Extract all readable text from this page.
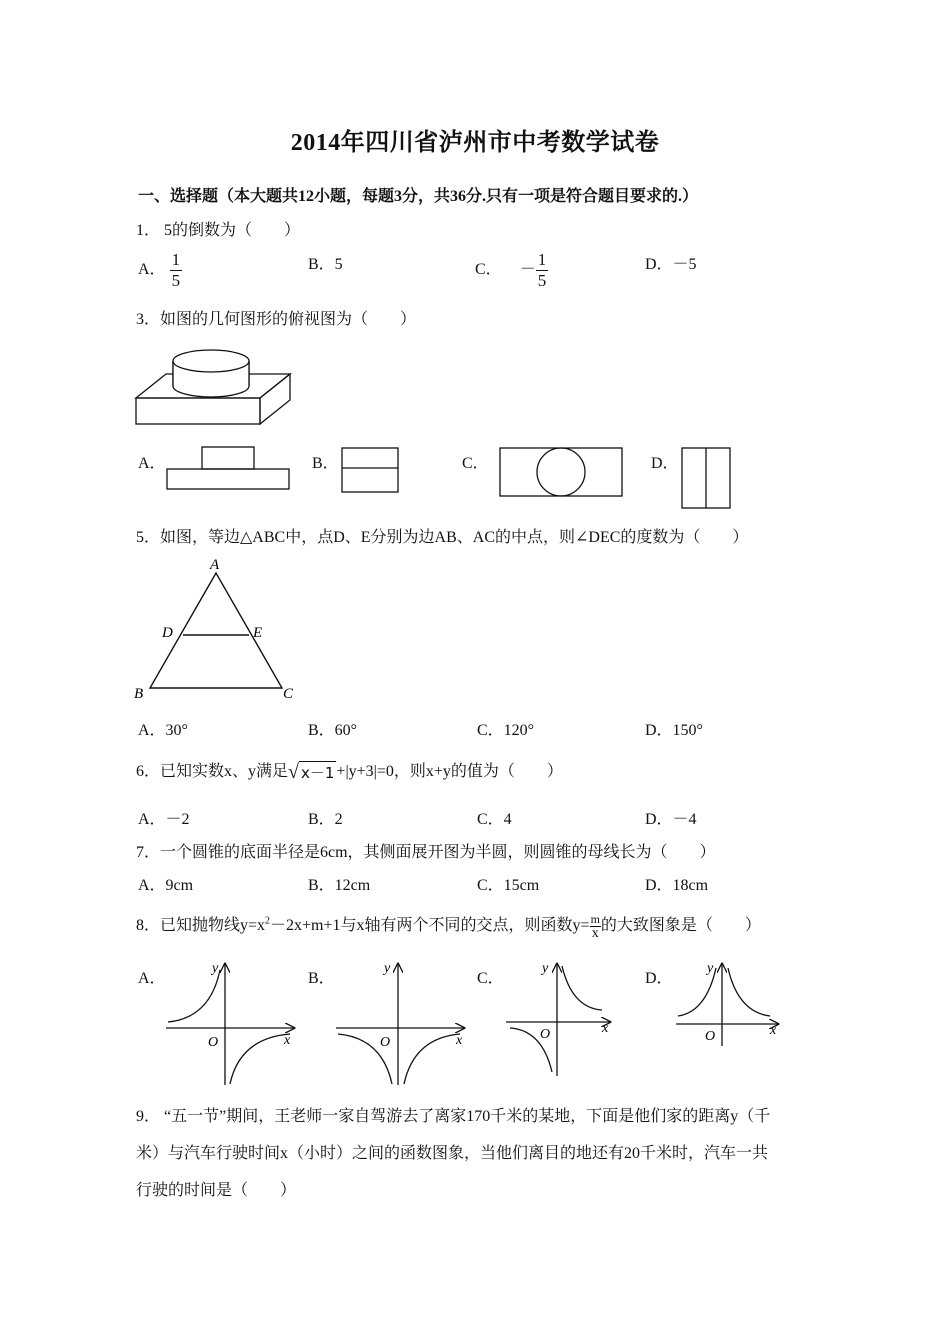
2014年四川省泸州市中考数学试卷
一、选择题（本大题共12小题，每题3分，共36分.只有一项是符合题目要求的.）
1． 5的倒数为（　　）
A． $\frac{1}{5}$	B．5	C． － $\frac{1}{5}$	D．－5
3．如图的几何图形的俯视图为（　　）
A．	B．	C．	D．
5．如图，等边△ABC中，点D、E分别为边AB、AC的中点，则∠DEC的度数为（　　）
A
D	E
B	C
A．30°	B．60°	C．120°	D．150°
6．已知实数x、y满足√ x－1 +|y+3|=0，则x+y的值为（　　）
A．－2	B．2	C．4	D．－4
7．一个圆锥的底面半径是6cm，其侧面展开图为半圆，则圆锥的母线长为（　　）
A．9cm	B．12cm	C．15cm	D．18cm
8．已知抛物线$y=x^2-2x+m+1$与x轴有两个不同的交点，则函数$y= \frac{m}{x}$ 的大致图象是（　　）
A．	B．	C．	D．
y
x
O
y
x
O
y
x
O
y
x
O
9． “五一节”期间，王老师一家自驾游去了离家170千米的某地，下面是他们家的距离y（千
米）与汽车行驶时间x（小时）之间的函数图象，当他们离目的地还有20千米时，汽车一共
行驶的时间是（　　）
